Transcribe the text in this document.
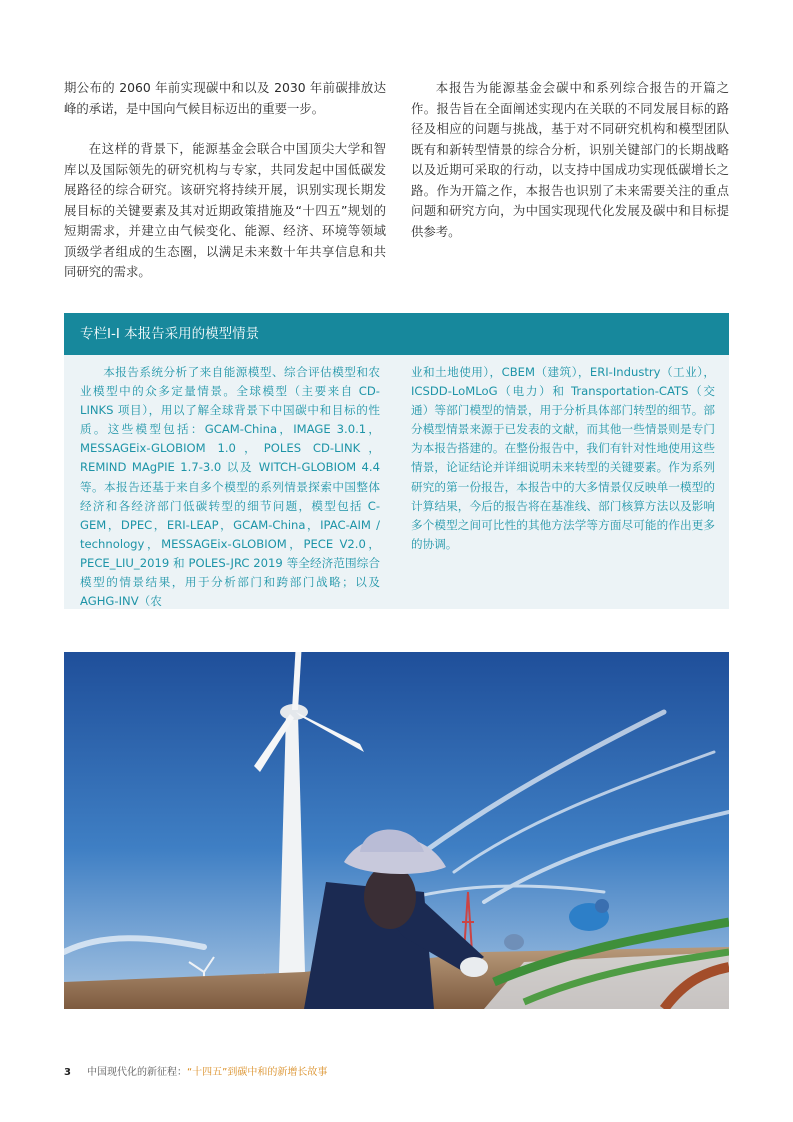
期公布的 2060 年前实现碳中和以及 2030 年前碳排放达峰的承诺，是中国向气候目标迈出的重要一步。

在这样的背景下，能源基金会联合中国顶尖大学和智库以及国际领先的研究机构与专家，共同发起中国低碳发展路径的综合研究。该研究将持续开展，识别实现长期发展目标的关键要素及其对近期政策措施及“十四五”规划的短期需求，并建立由气候变化、能源、经济、环境等领域顶级学者组成的生态圈，以满足未来数十年共享信息和共同研究的需求。

本报告为能源基金会碳中和系列综合报告的开篇之作。报告旨在全面阐述实现内在关联的不同发展目标的路径及相应的问题与挑战，基于对不同研究机构和模型团队既有和新转型情景的综合分析，识别关键部门的长期战略以及近期可采取的行动，以支持中国成功实现低碳增长之路。作为开篇之作，本报告也识别了未来需要关注的重点问题和研究方向，为中国实现现代化发展及碳中和目标提供参考。

专栏Ⅰ-Ⅰ 本报告采用的模型情景

本报告系统分析了来自能源模型、综合评估模型和农业模型中的众多定量情景。全球模型（主要来自 CD-LINKS 项目），用以了解全球背景下中国碳中和目标的性质。这些模型包括：GCAM-China，IMAGE 3.0.1，MESSAGEix-GLOBIOM 1.0，POLES CD-LINK，REMIND MAgPIE 1.7-3.0 以及 WITCH-GLOBIOM 4.4 等。本报告还基于来自多个模型的系列情景探索中国整体经济和各经济部门低碳转型的细节问题，模型包括 C-GEM，DPEC，ERI-LEAP，GCAM-China，IPAC-AIM / technology，MESSAGEix-GLOBIOM，PECE V2.0，PECE_LIU_2019 和 POLES-JRC 2019 等全经济范围综合模型的情景结果，用于分析部门和跨部门战略；以及 AGHG-INV（农

业和土地使用），CBEM（建筑），ERI-Industry（工业），ICSDD-LoMLoG（电力）和 Transportation-CATS（交通）等部门模型的情景，用于分析具体部门转型的细节。部分模型情景来源于已发表的文献，而其他一些情景则是专门为本报告搭建的。在整份报告中，我们有针对性地使用这些情景，论证结论并详细说明未来转型的关键要素。作为系列研究的第一份报告，本报告中的大多情景仅反映单一模型的计算结果，今后的报告将在基准线、部门核算方法以及影响多个模型之间可比性的其他方法学等方面尽可能的作出更多的协调。

3 中国现代化的新征程：“十四五”到碳中和的新增长故事
